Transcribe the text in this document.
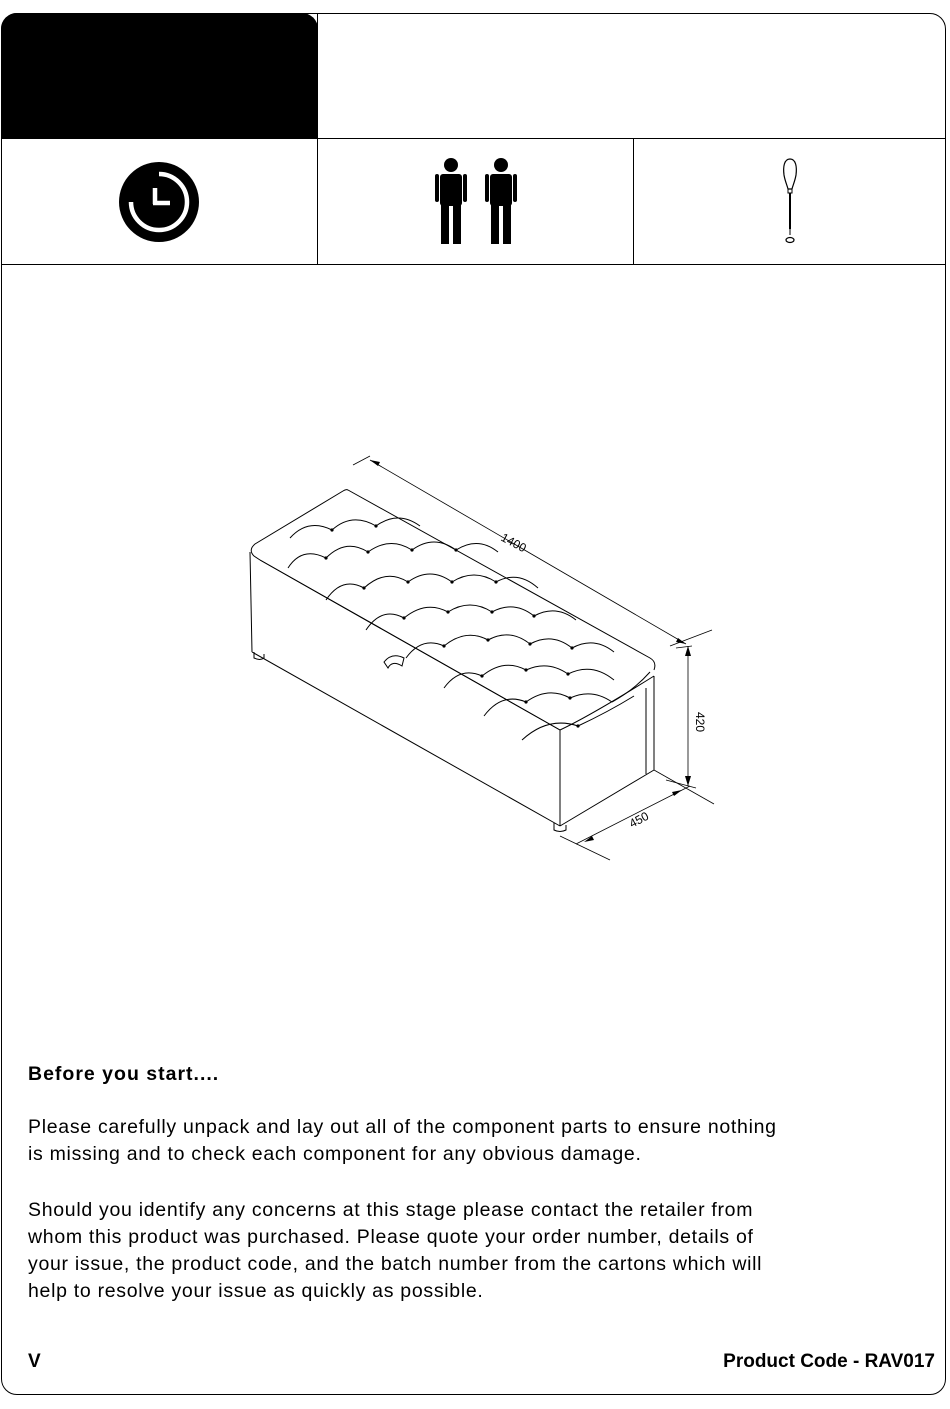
1400
420
450
Before you start....
Please carefully unpack and lay out all of the component parts to ensure nothing
is missing and to check each component for any obvious damage.
Should you identify any concerns at this stage please contact the retailer from
whom this product was purchased. Please quote your order number, details of
your issue, the product code, and the batch number from the cartons which will
help to resolve your issue as quickly as possible.
V	Product Code - RAV017
